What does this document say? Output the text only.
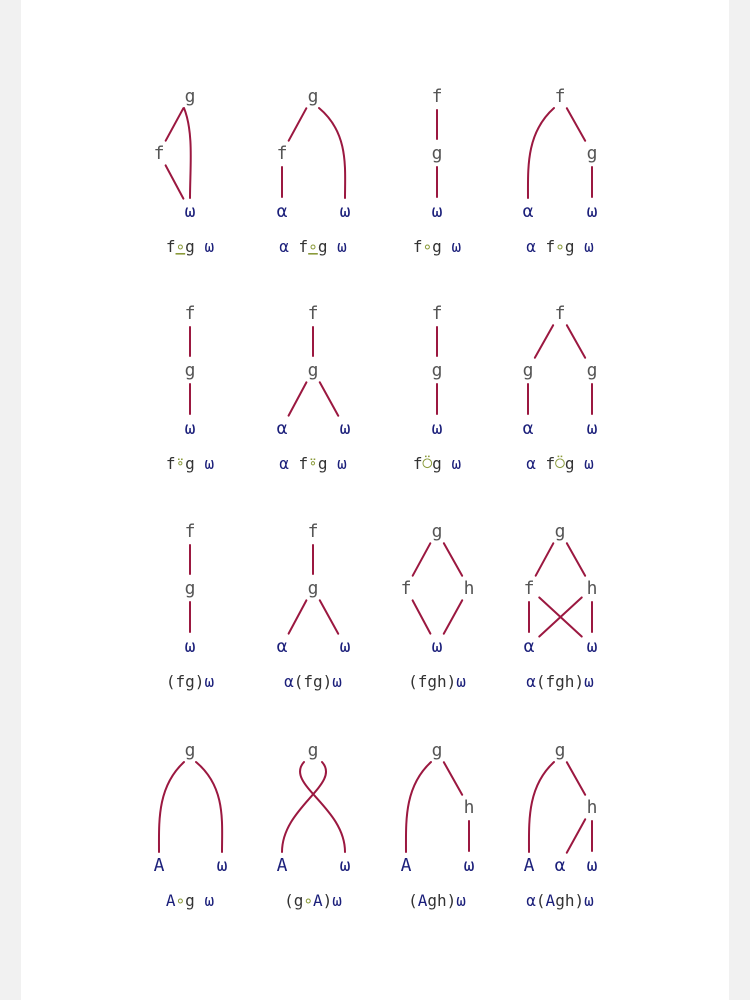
g
f
ω
f∘g ω
g
f
α	ω
α f∘g ω
f
g
ω
f∘g ω
f
g
α	ω
α f∘g ω
f
g
ω
f⍤g ω
f
g
α	ω
α f⍤g ω
f
g
ω
f⍥g ω
f
g	g
α	ω
α f⍥g ω
f
g
ω
(fg)ω
f
g
α	ω
α(fg)ω
g
f	h
ω
(fgh)ω
g
f	h
α	ω
α(fgh)ω
g
A	ω
A∘g ω
g
A	ω
(g∘A)ω
g
h
A	ω
(Agh)ω
g
h
A α ω
α(Agh)ω
